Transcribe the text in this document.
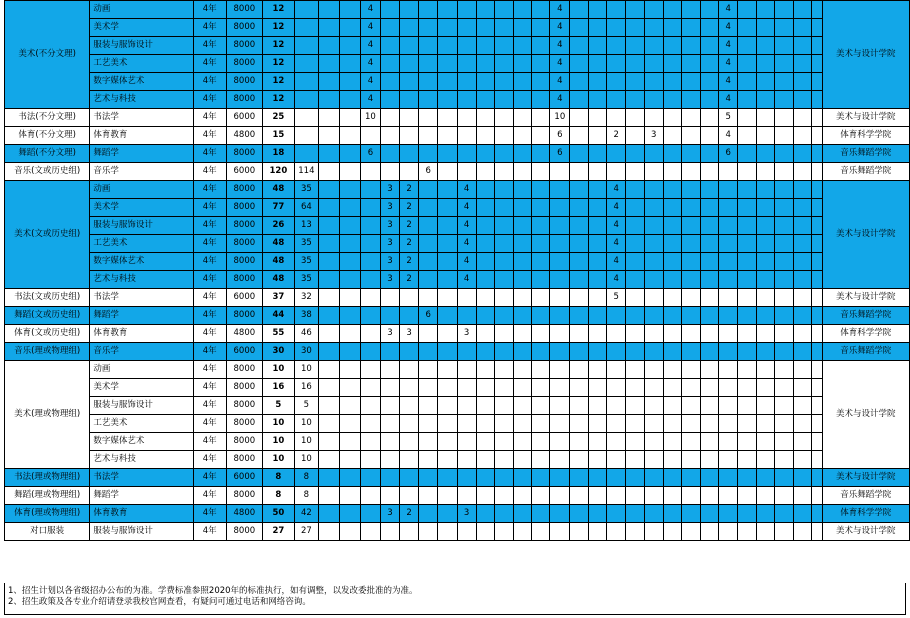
美术(不分文理)	动画	4年	8000	12				4										4									4						美术与设计学院
	美术学	4年	8000	12				4										4									4						
	服装与服饰设计	4年	8000	12				4										4									4						
	工艺美术	4年	8000	12				4										4									4						
	数字媒体艺术	4年	8000	12				4										4									4						
	艺术与科技	4年	8000	12				4										4									4						
书法(不分文理)	书法学	4年	6000	25				10										10									5						美术与设计学院
体育(不分文理)	体育教育	4年	4800	15														6			2		3				4						体育科学学院
舞蹈(不分文理)	舞蹈学	4年	8000	18				6										6									6						音乐舞蹈学院
音乐(文或历史组)	音乐学	4年	6000	120	114						6																						音乐舞蹈学院
美术(文或历史组)	动画	4年	8000	48	35				3	2			4								4												美术与设计学院
	美术学	4年	8000	77	64				3	2			4								4												
	服装与服饰设计	4年	8000	26	13				3	2			4								4												
	工艺美术	4年	8000	48	35				3	2			4								4												
	数字媒体艺术	4年	8000	48	35				3	2			4								4												
	艺术与科技	4年	8000	48	35				3	2			4								4												
书法(文或历史组)	书法学	4年	6000	37	32																5												美术与设计学院
舞蹈(文或历史组)	舞蹈学	4年	8000	44	38						6																						音乐舞蹈学院
体育(文或历史组)	体育教育	4年	4800	55	46				3	3			3																				体育科学学院
音乐(理或物理组)	音乐学	4年	6000	30	30																												音乐舞蹈学院
美术(理或物理组)	动画	4年	8000	10	10																												美术与设计学院
	美术学	4年	8000	16	16																												
	服装与服饰设计	4年	8000	5	5																												
	工艺美术	4年	8000	10	10																												
	数字媒体艺术	4年	8000	10	10																												
	艺术与科技	4年	8000	10	10																												
书法(理或物理组)	书法学	4年	6000	8	8																												美术与设计学院
舞蹈(理或物理组)	舞蹈学	4年	8000	8	8																												音乐舞蹈学院
体育(理或物理组)	体育教育	4年	4800	50	42				3	2			3																				体育科学学院
对口服装	服装与服饰设计	4年	8000	27	27																												美术与设计学院
1、招生计划以各省级招办公布的为准。学费标准参照2020年的标准执行，如有调整，以发改委批准的为准。
2、招生政策及各专业介绍请登录我校官网查看，有疑问可通过电话和网络咨询。
